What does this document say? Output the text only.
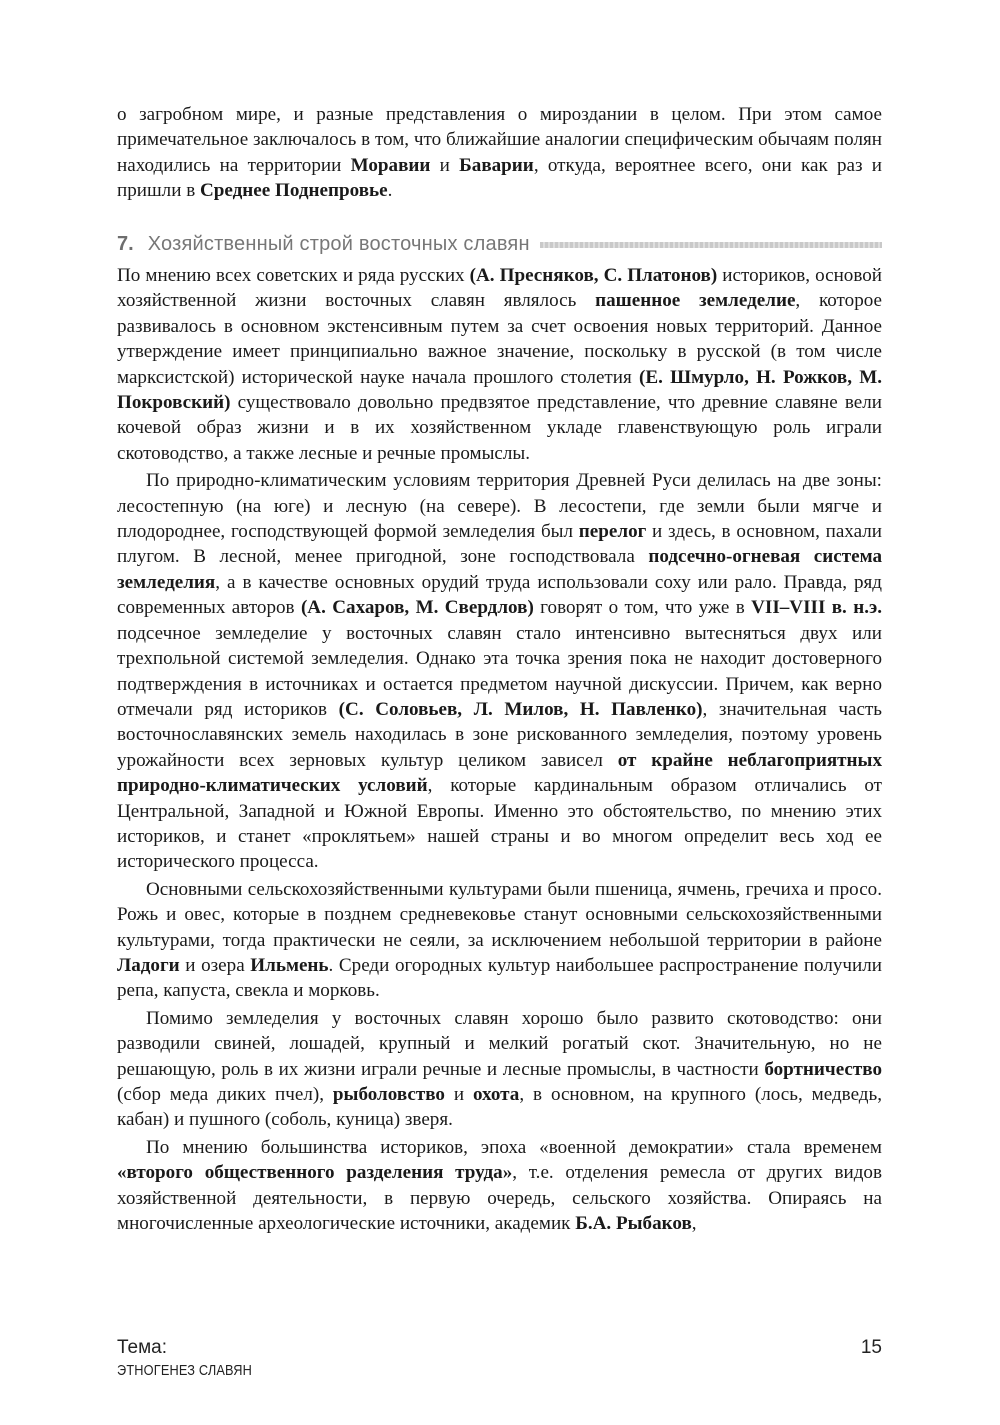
о загробном мире, и разные представления о мироздании в целом. При этом самое примечательное заключалось в том, что ближайшие аналогии специфическим обычаям полян находились на территории Моравии и Баварии, откуда, вероятнее всего, они как раз и пришли в Среднее Поднепровье.

7. Хозяйственный строй восточных славян

По мнению всех советских и ряда русских (А. Пресняков, С. Платонов) историков, основой хозяйственной жизни восточных славян являлось пашенное земледелие, которое развивалось в основном экстенсивным путем за счет освоения новых территорий. Данное утверждение имеет принципиально важное значение, поскольку в русской (в том числе марксистской) исторической науке начала прошлого столетия (Е. Шмурло, Н. Рожков, М. Покровский) существовало довольно предвзятое представление, что древние славяне вели кочевой образ жизни и в их хозяйственном укладе главенствующую роль играли скотоводство, а также лесные и речные промыслы.

По природно-климатическим условиям территория Древней Руси делилась на две зоны: лесостепную (на юге) и лесную (на севере). В лесостепи, где земли были мягче и плодороднее, господствующей формой земледелия был перелог и здесь, в основном, пахали плугом. В лесной, менее пригодной, зоне господствовала подсечно-огневая система земледелия, а в качестве основных орудий труда использовали соху или рало. Правда, ряд современных авторов (А. Сахаров, М. Свердлов) говорят о том, что уже в VII–VIII в. н.э. подсечное земледелие у восточных славян стало интенсивно вытесняться двух или трехпольной системой земледелия. Однако эта точка зрения пока не находит достоверного подтверждения в источниках и остается предметом научной дискуссии. Причем, как верно отмечали ряд историков (С. Соловьев, Л. Милов, Н. Павленко), значительная часть восточнославянских земель находилась в зоне рискованного земледелия, поэтому уровень урожайности всех зерновых культур целиком зависел от крайне неблагоприятных природно-климатических условий, которые кардинальным образом отличались от Центральной, Западной и Южной Европы. Именно это обстоятельство, по мнению этих историков, и станет «проклятьем» нашей страны и во многом определит весь ход ее исторического процесса.

Основными сельскохозяйственными культурами были пшеница, ячмень, гречиха и просо. Рожь и овес, которые в позднем средневековье станут основными сельскохозяйственными культурами, тогда практически не сеяли, за исключением небольшой территории в районе Ладоги и озера Ильмень. Среди огородных культур наибольшее распространение получили репа, капуста, свекла и морковь.

Помимо земледелия у восточных славян хорошо было развито скотоводство: они разводили свиней, лошадей, крупный и мелкий рогатый скот. Значительную, но не решающую, роль в их жизни играли речные и лесные промыслы, в частности бортничество (сбор меда диких пчел), рыболовство и охота, в основном, на крупного (лось, медведь, кабан) и пушного (соболь, куница) зверя.

По мнению большинства историков, эпоха «военной демократии» стала временем «второго общественного разделения труда», т.е. отделения ремесла от других видов хозяйственной деятельности, в первую очередь, сельского хозяйства. Опираясь на многочисленные археологические источники, академик Б.А. Рыбаков,

Тема:
ЭТНОГЕНЕЗ СЛАВЯН
15
